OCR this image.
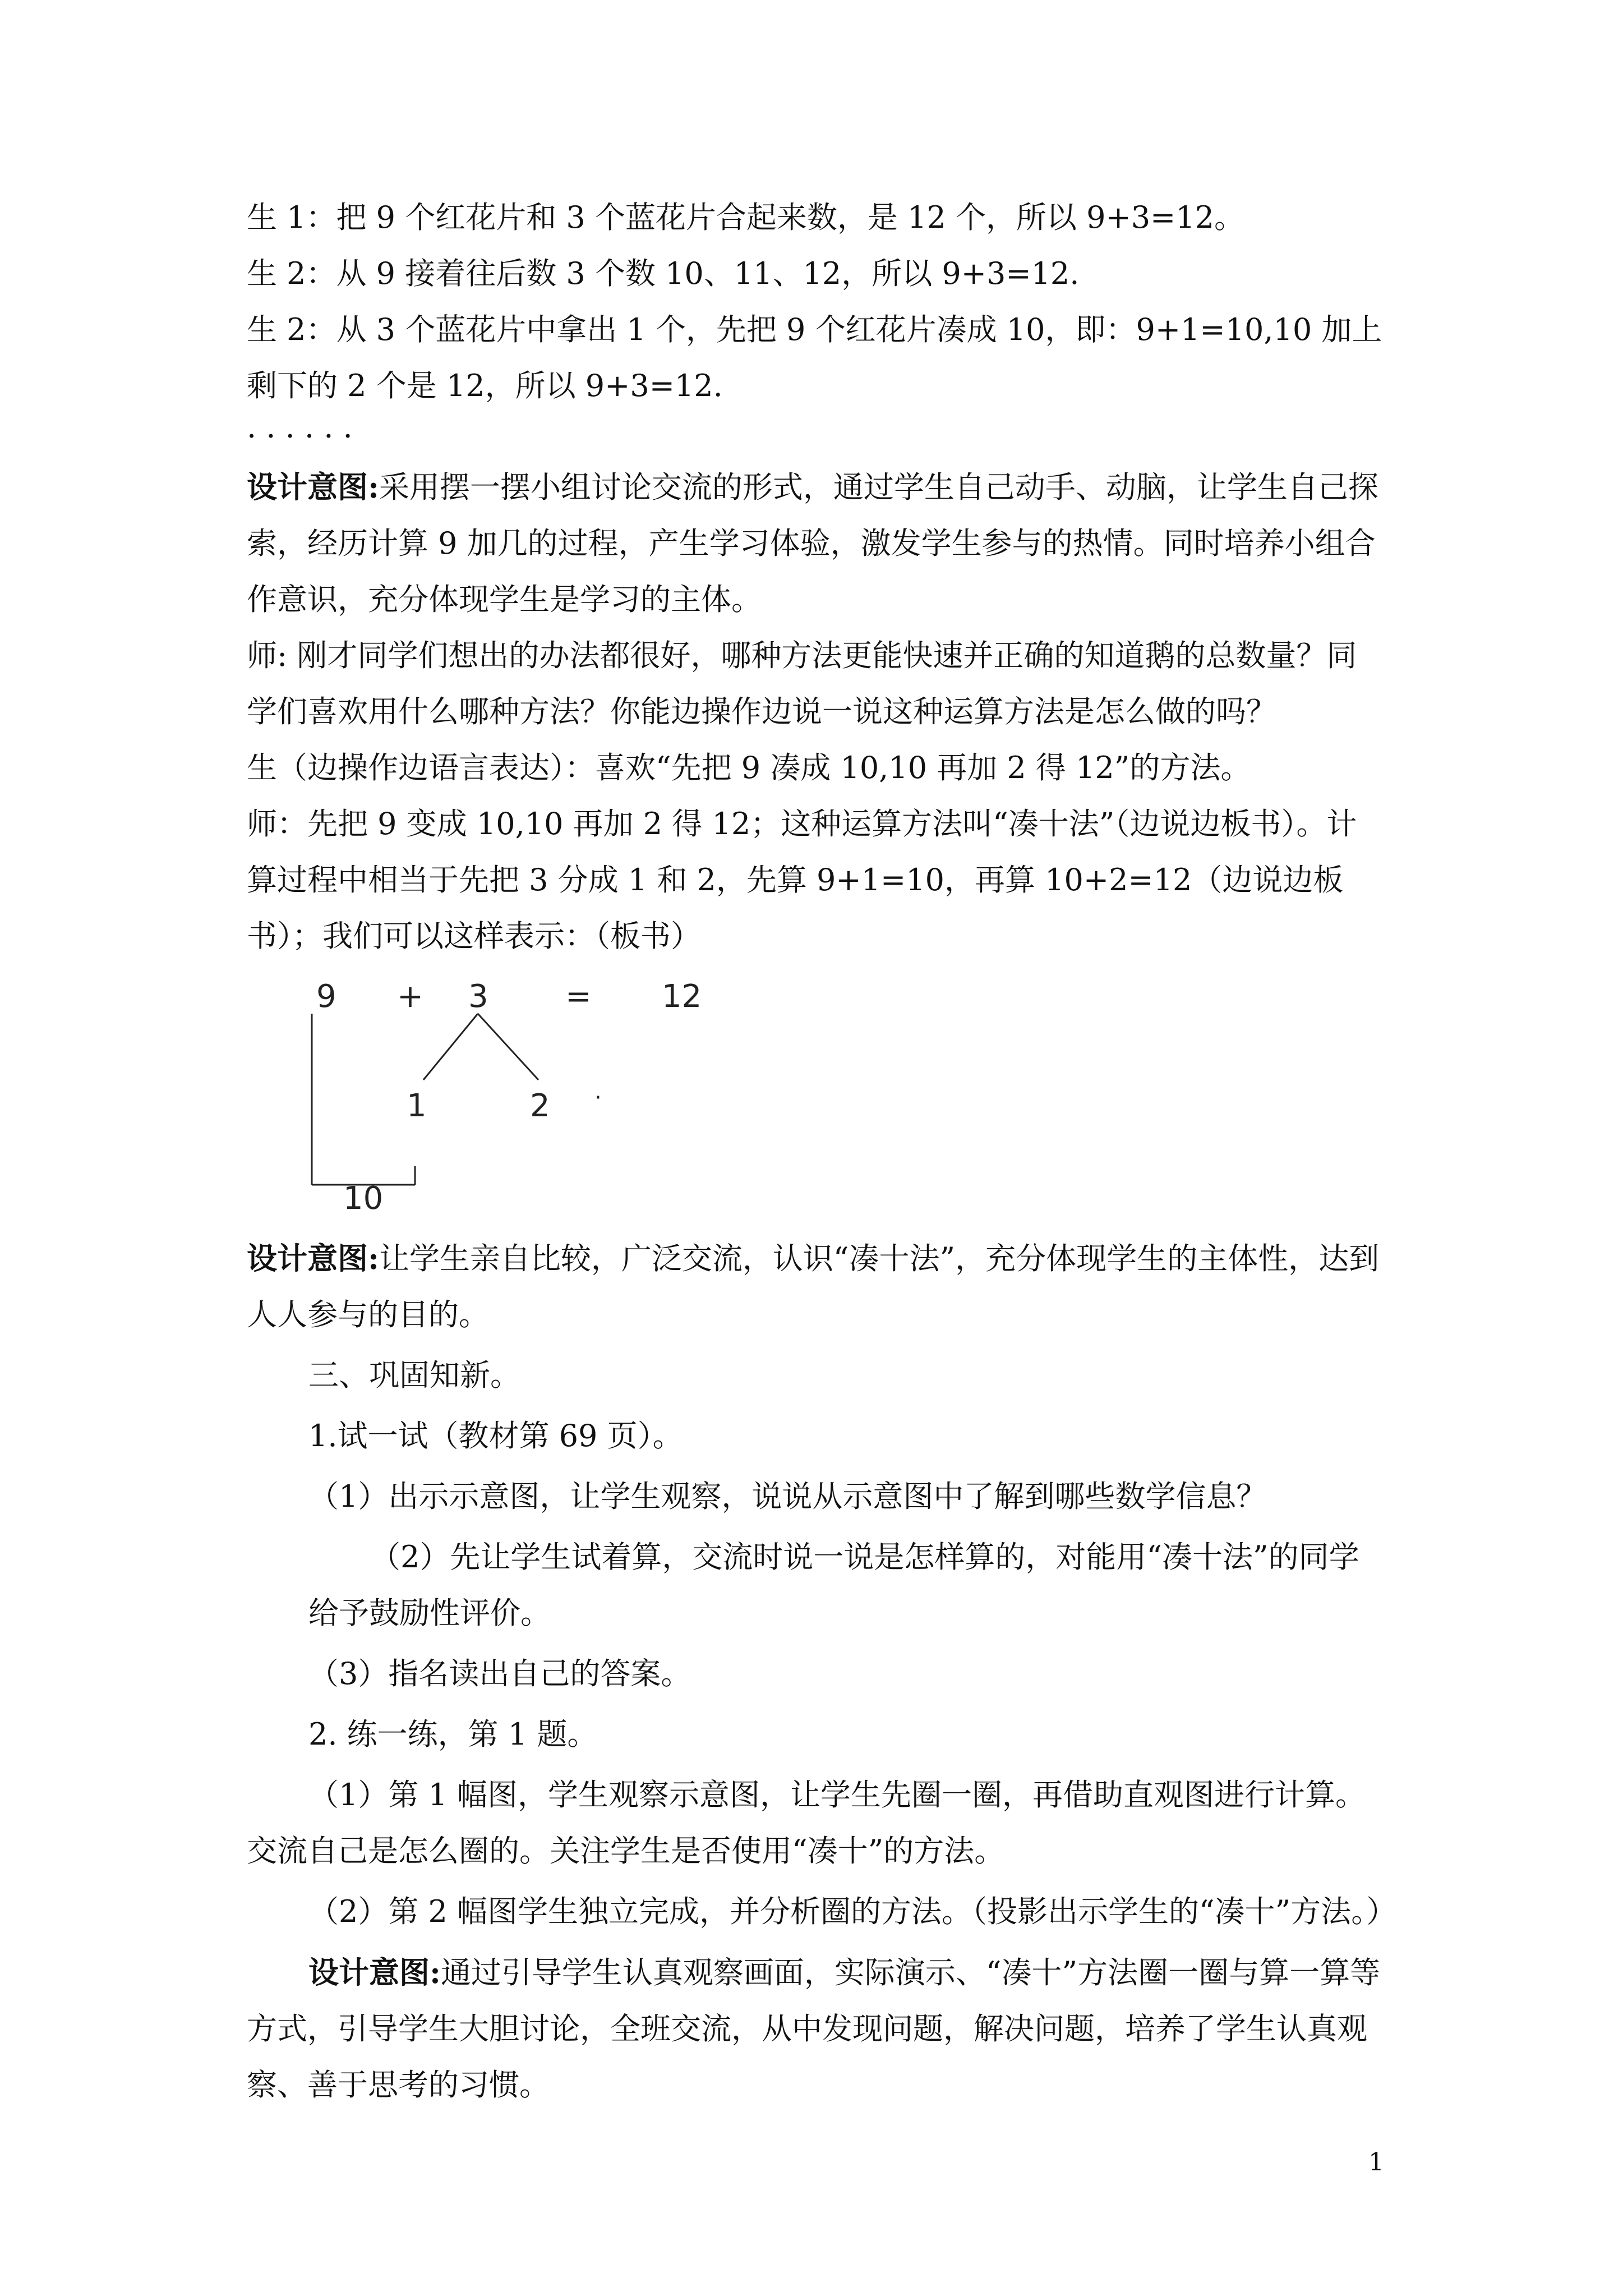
生 1：把 9 个红花片和 3 个蓝花片合起来数，是 12 个，所以 9+3=12。

生 2：从 9 接着往后数 3 个数 10、11、12，所以 9+3=12.

生 2：从 3 个蓝花片中拿出 1 个，先把 9 个红花片凑成 10，即：9+1=10,10 加上剩下的 2 个是 12，所以 9+3=12.

· · · · · ·

设计意图:采用摆一摆小组讨论交流的形式，通过学生自己动手、动脑，让学生自己探索，经历计算 9 加几的过程，产生学习体验，激发学生参与的热情。同时培养小组合作意识，充分体现学生是学习的主体。

师: 刚才同学们想出的办法都很好，哪种方法更能快速并正确的知道鹅的总数量？同学们喜欢用什么哪种方法？你能边操作边说一说这种运算方法是怎么做的吗？

生（边操作边语言表达）：喜欢“先把 9 凑成 10,10 再加 2 得 12”的方法。

师：先把 9 变成 10,10 再加 2 得 12；这种运算方法叫“凑十法”（边说边板书）。计算过程中相当于先把 3 分成 1 和 2，先算 9+1=10，再算 10+2=12（边说边板书）；我们可以这样表示：（板书）

9 + 3 = 12
1	2 ·
10

设计意图:让学生亲自比较，广泛交流，认识“凑十法”，充分体现学生的主体性，达到人人参与的目的。

三、巩固知新。

1.试一试（教材第 69 页）。

（1）出示示意图，让学生观察，说说从示意图中了解到哪些数学信息？

（2）先让学生试着算，交流时说一说是怎样算的，对能用“凑十法”的同学给予鼓励性评价。

（3）指名读出自己的答案。

2. 练一练，第 1 题。

（1）第 1 幅图，学生观察示意图，让学生先圈一圈，再借助直观图进行计算。交流自己是怎么圈的。关注学生是否使用“凑十”的方法。

（2）第 2 幅图学生独立完成，并分析圈的方法。（投影出示学生的“凑十”方法。）

设计意图:通过引导学生认真观察画面，实际演示、“凑十”方法圈一圈与算一算等方式，引导学生大胆讨论，全班交流，从中发现问题，解决问题，培养了学生认真观察、善于思考的习惯。

1
